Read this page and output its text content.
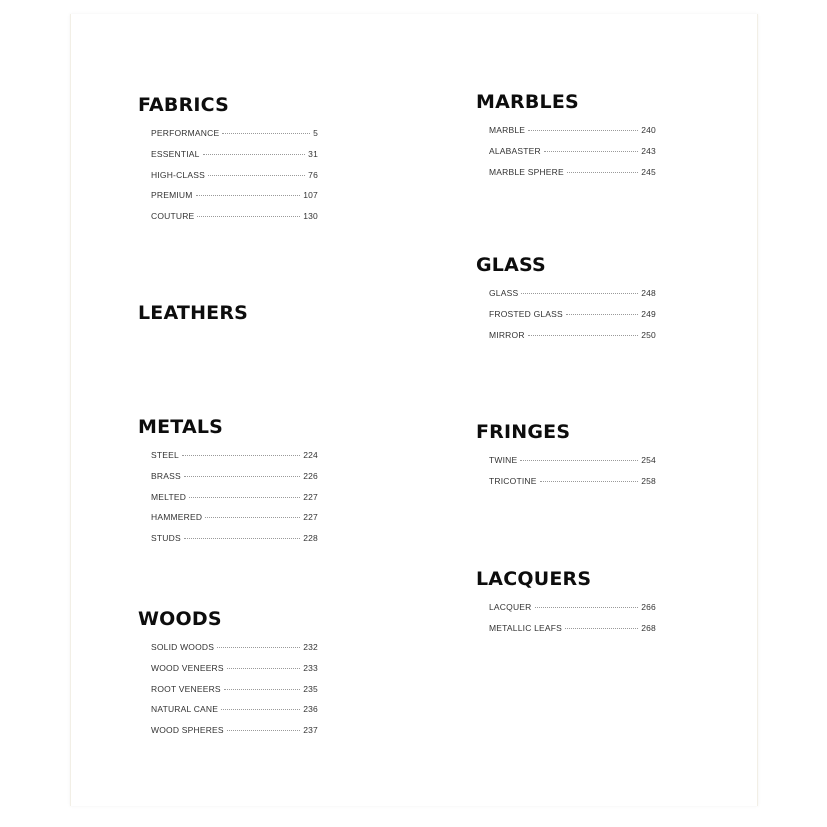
FABRICS
PERFORMANCE	5
ESSENTIAL	31
HIGH-CLASS	76
PREMIUM	107
COUTURE	130
LEATHERS
METALS
STEEL	224
BRASS	226
MELTED	227
HAMMERED	227
STUDS	228
WOODS
SOLID WOODS	232
WOOD VENEERS	233
ROOT VENEERS	235
NATURAL CANE	236
WOOD SPHERES	237
MARBLES
MARBLE	240
ALABASTER	243
MARBLE SPHERE	245
GLASS
GLASS	248
FROSTED GLASS	249
MIRROR	250
FRINGES
TWINE	254
TRICOTINE	258
LACQUERS
LACQUER	266
METALLIC LEAFS	268
